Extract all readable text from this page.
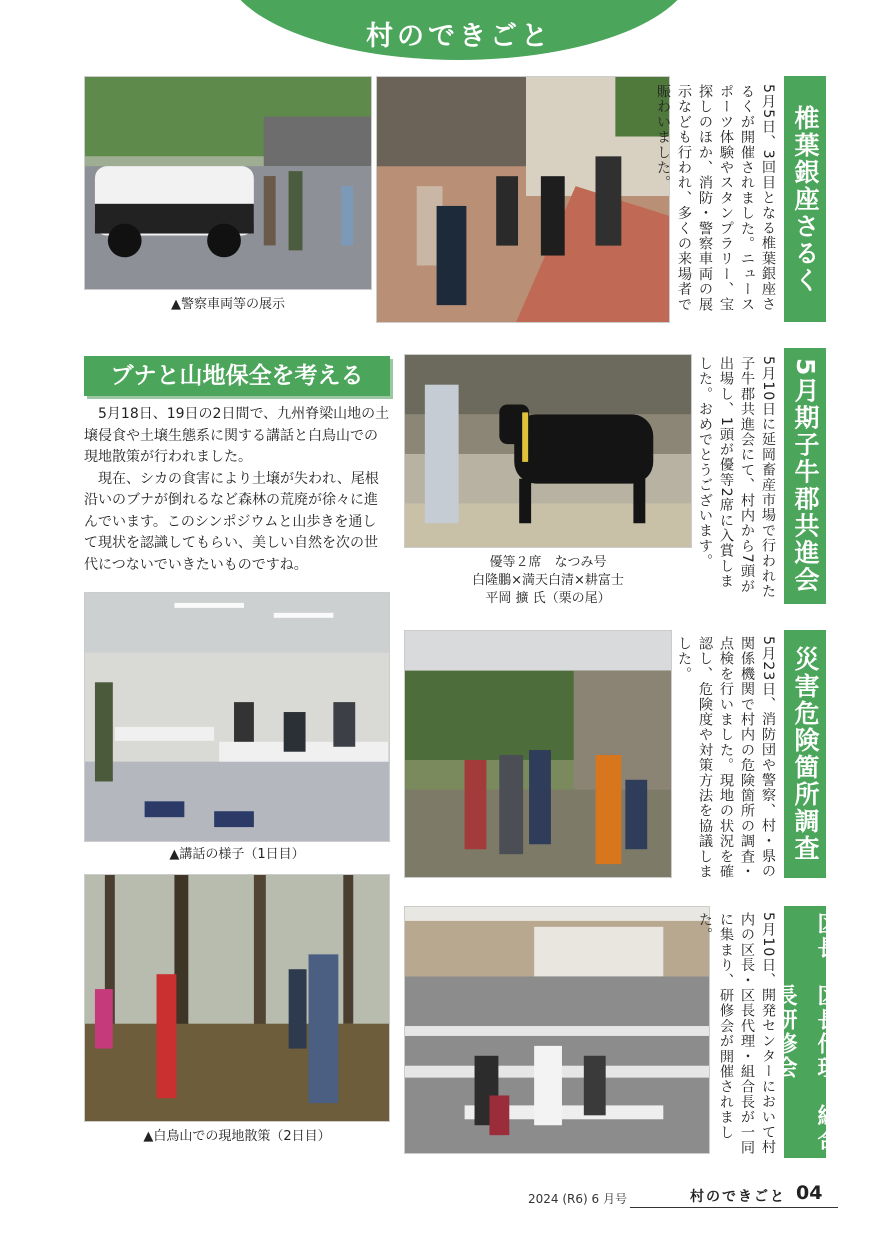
村のできごと
▲警察車両等の展示
椎葉銀座さるく
5月5日、3回目となる椎葉銀座さるくが開催されました。ニュースポーツ体験やスタンプラリー、宝探しのほか、消防・警察車両の展示なども行われ、多くの来場者で賑わいました。
ブナと山地保全を考える

5月18日、19日の2日間で、九州脊梁山地の土壌侵食や土壌生態系に関する講話と白鳥山での現地散策が行われました。

現在、シカの食害により土壌が失われ、尾根沿いのブナが倒れるなど森林の荒廃が徐々に進んでいます。このシンポジウムと山歩きを通して現状を認識してもらい、美しい自然を次の世代につないでいきたいものですね。

▲講話の様子（1日目）
▲白鳥山での現地散策（2日目）
優等２席　なつみ号
白隆鵬×満天白清×耕富士
平岡 擴 氏（栗の尾）
5月期子牛郡共進会
5月10日に延岡畜産市場で行われた子牛郡共進会にて、村内から7頭が出場し、1頭が優等2席に入賞しました。おめでとうございます。
災害危険箇所調査
5月23日、消防団や警察、村・県の関係機関で村内の危険箇所の調査・点検を行いました。現地の状況を確認し、危険度や対策方法を協議しました。
区長・区長代理・組合長研修会
5月10日、開発センターにおいて村内の区長・区長代理・組合長が一同に集まり、研修会が開催されました。
2024 (R6) 6 月号	村のできごと 04
